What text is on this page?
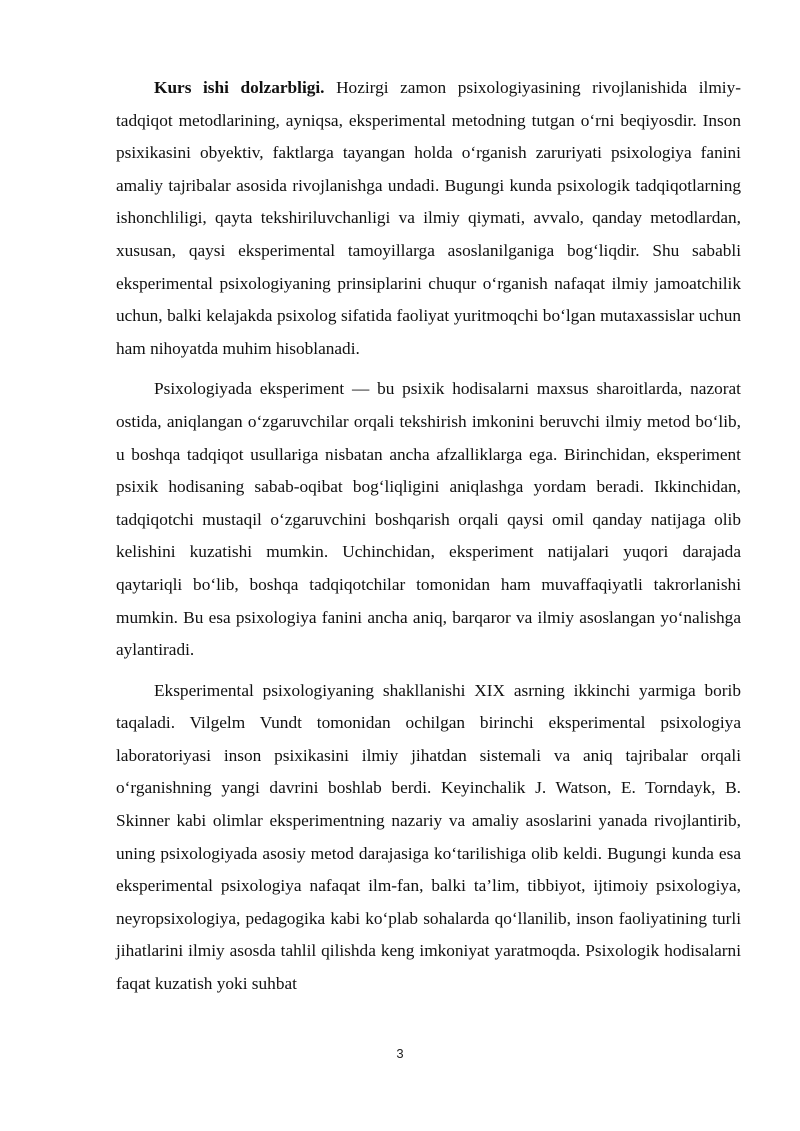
Kurs ishi dolzarbligi. Hozirgi zamon psixologiyasining rivojlanishida ilmiy-tadqiqot metodlarining, ayniqsa, eksperimental metodning tutgan o‘rni beqiyosdir. Inson psixikasini obyektiv, faktlarga tayangan holda o‘rganish zaruriyati psixologiya fanini amaliy tajribalar asosida rivojlanishga undadi. Bugungi kunda psixologik tadqiqotlarning ishonchliligi, qayta tekshiriluvchanligi va ilmiy qiymati, avvalo, qanday metodlardan, xususan, qaysi eksperimental tamoyillarga asoslanilganiga bog‘liqdir. Shu sababli eksperimental psixologiyaning prinsiplarini chuqur o‘rganish nafaqat ilmiy jamoatchilik uchun, balki kelajakda psixolog sifatida faoliyat yuritmoqchi bo‘lgan mutaxassislar uchun ham nihoyatda muhim hisoblanadi.

Psixologiyada eksperiment — bu psixik hodisalarni maxsus sharoitlarda, nazorat ostida, aniqlangan o‘zgaruvchilar orqali tekshirish imkonini beruvchi ilmiy metod bo‘lib, u boshqa tadqiqot usullariga nisbatan ancha afzalliklarga ega. Birinchidan, eksperiment psixik hodisaning sabab-oqibat bog‘liqligini aniqlashga yordam beradi. Ikkinchidan, tadqiqotchi mustaqil o‘zgaruvchini boshqarish orqali qaysi omil qanday natijaga olib kelishini kuzatishi mumkin. Uchinchidan, eksperiment natijalari yuqori darajada qaytariqli bo‘lib, boshqa tadqiqotchilar tomonidan ham muvaffaqiyatli takrorlanishi mumkin. Bu esa psixologiya fanini ancha aniq, barqaror va ilmiy asoslangan yo‘nalishga aylantiradi.

Eksperimental psixologiyaning shakllanishi XIX asrning ikkinchi yarmiga borib taqaladi. Vilgelm Vundt tomonidan ochilgan birinchi eksperimental psixologiya laboratoriyasi inson psixikasini ilmiy jihatdan sistemali va aniq tajribalar orqali o‘rganishning yangi davrini boshlab berdi. Keyinchalik J. Watson, E. Torndayk, B. Skinner kabi olimlar eksperimentning nazariy va amaliy asoslarini yanada rivojlantirib, uning psixologiyada asosiy metod darajasiga ko‘tarilishiga olib keldi. Bugungi kunda esa eksperimental psixologiya nafaqat ilm-fan, balki ta’lim, tibbiyot, ijtimoiy psixologiya, neyropsixologiya, pedagogika kabi ko‘plab sohalarda qo‘llanilib, inson faoliyatining turli jihatlarini ilmiy asosda tahlil qilishda keng imkoniyat yaratmoqda. Psixologik hodisalarni faqat kuzatish yoki suhbat

3
